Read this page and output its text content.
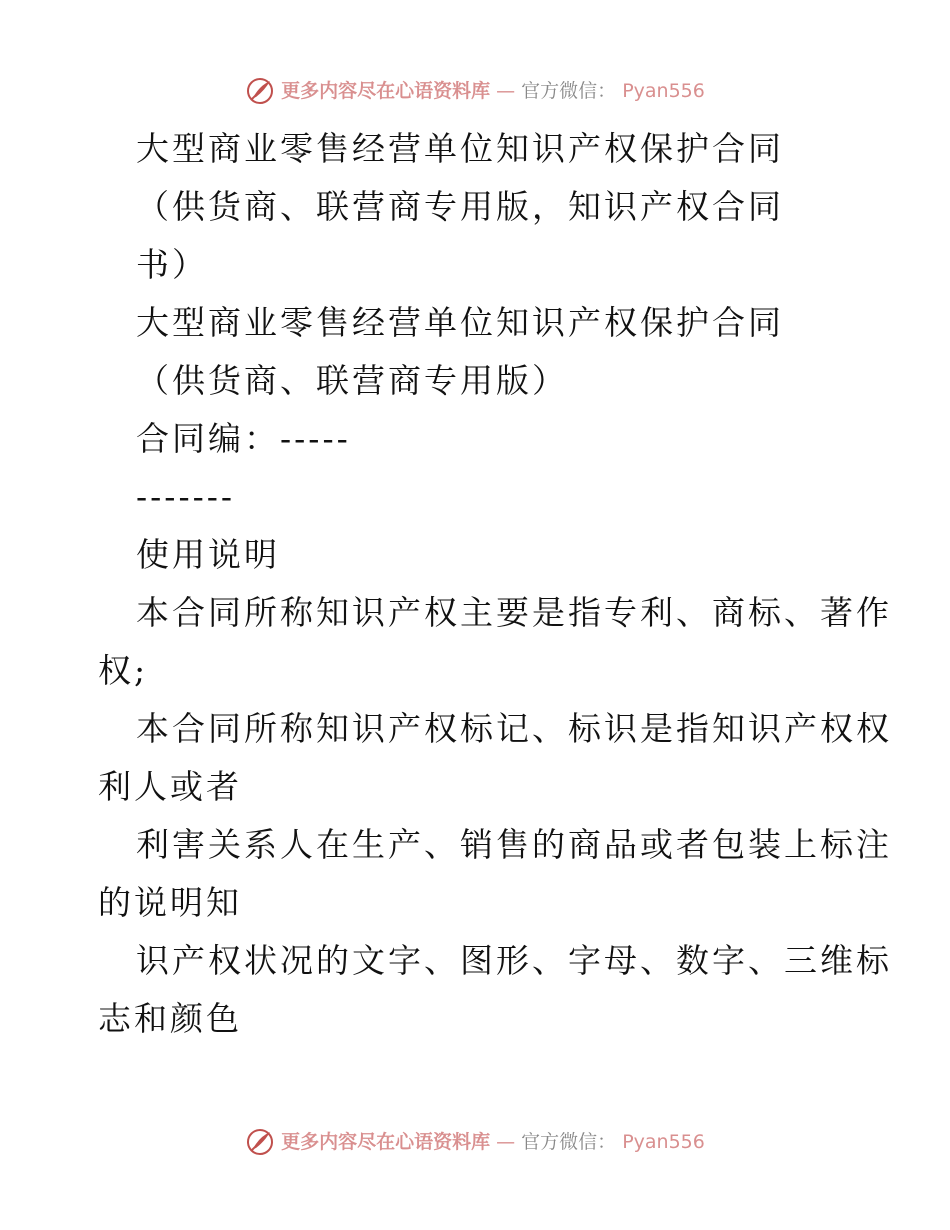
更多内容尽在心语资料库 — 官方微信： Pyan556
大型商业零售经营单位知识产权保护合同
（供货商、联营商专用版，知识产权合同
书）
大型商业零售经营单位知识产权保护合同
（供货商、联营商专用版）
合同编：-----
-------
使用说明
本合同所称知识产权主要是指专利、商标、著作
权;
本合同所称知识产权标记、标识是指知识产权权
利人或者
利害关系人在生产、销售的商品或者包装上标注
的说明知
识产权状况的文字、图形、字母、数字、三维标
志和颜色
更多内容尽在心语资料库 — 官方微信： Pyan556
